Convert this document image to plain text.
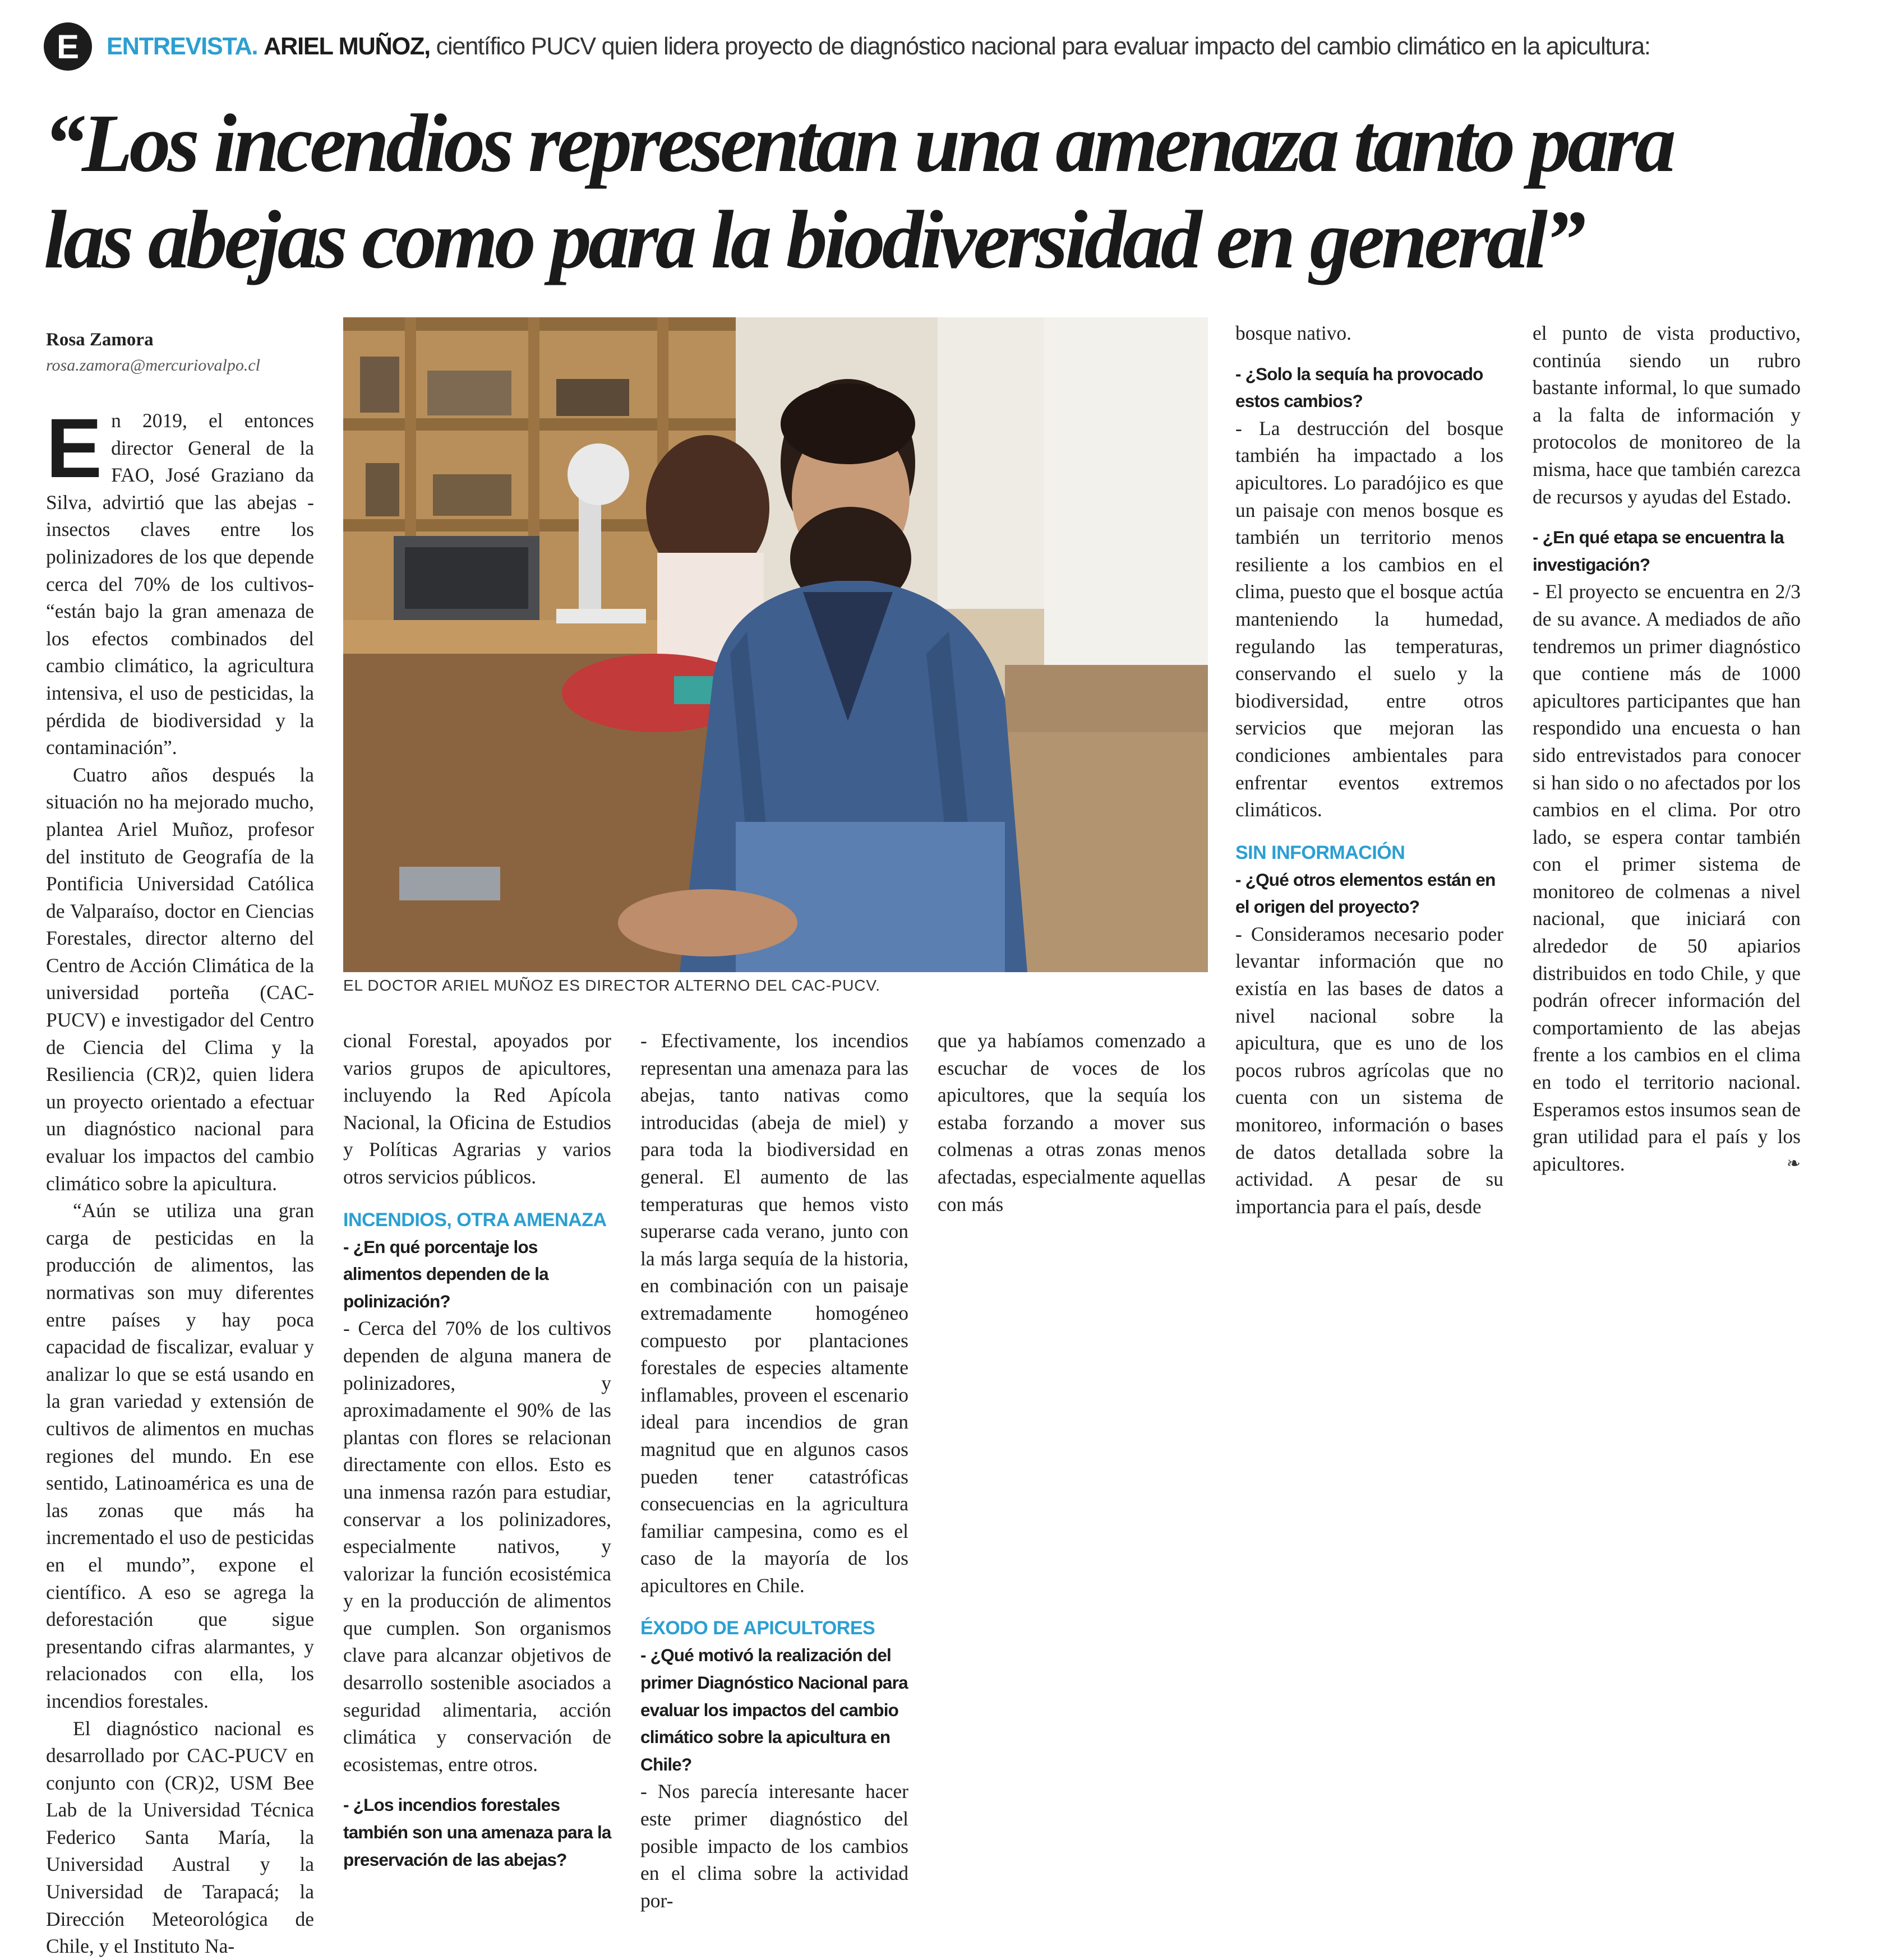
E	ENTREVISTA. ARIEL MUÑOZ, científico PUCV quien lidera proyecto de diagnóstico nacional para evaluar impacto del cambio climático en la apicultura:
“Los incendios representan una amenaza tanto para
las abejas como para la biodiversidad en general”
Rosa Zamora
rosa.zamora@mercuriovalpo.cl
EL DOCTOR ARIEL MUÑOZ ES DIRECTOR ALTERNO DEL CAC-PUCV.

En 2019, el entonces director General de la FAO, José Graziano da Silva, advirtió que las abejas -insectos claves entre los polinizadores de los que depende cerca del 70% de los cultivos- “están bajo la gran amenaza de los efectos combinados del cambio climático, la agricultura intensiva, el uso de pesticidas, la pérdida de biodiversidad y la contaminación”.

Cuatro años después la situación no ha mejorado mucho, plantea Ariel Muñoz, profesor del instituto de Geografía de la Pontificia Universidad Católica de Valparaíso, doctor en Ciencias Forestales, director alterno del Centro de Acción Climática de la universidad porteña (CAC-PUCV) e investigador del Centro de Ciencia del Clima y la Resiliencia (CR)2, quien lidera un proyecto orientado a efectuar un diagnóstico nacional para evaluar los impactos del cambio climático sobre la apicultura.

“Aún se utiliza una gran carga de pesticidas en la producción de alimentos, las normativas son muy diferentes entre países y hay poca capacidad de fiscalizar, evaluar y analizar lo que se está usando en la gran variedad y extensión de cultivos de alimentos en muchas regiones del mundo. En ese sentido, Latinoamérica es una de las zonas que más ha incrementado el uso de pesticidas en el mundo”, expone el científico. A eso se agrega la deforestación que sigue presentando cifras alarmantes, y relacionados con ella, los incendios forestales.

El diagnóstico nacional es desarrollado por CAC-PUCV en conjunto con (CR)2, USM Bee Lab de la Universidad Técnica Federico Santa María, la Universidad Austral y la Universidad de Tarapacá; la Dirección Meteorológica de Chile, y el Instituto Na-

cional Forestal, apoyados por varios grupos de apicultores, incluyendo la Red Apícola Nacional, la Oficina de Estudios y Políticas Agrarias y varios otros servicios públicos.

INCENDIOS, OTRA AMENAZA

- ¿En qué porcentaje los alimentos dependen de la polinización?

- Cerca del 70% de los cultivos dependen de alguna manera de polinizadores, y aproximadamente el 90% de las plantas con flores se relacionan directamente con ellos. Esto es una inmensa razón para estudiar, conservar a los polinizadores, especialmente nativos, y valorizar la función ecosistémica y en la producción de alimentos que cumplen. Son organismos clave para alcanzar objetivos de desarrollo sostenible asociados a seguridad alimentaria, acción climática y conservación de ecosistemas, entre otros.

- ¿Los incendios forestales también son una amenaza para la preservación de las abejas?

- Efectivamente, los incendios representan una amenaza para las abejas, tanto nativas como introducidas (abeja de miel) y para toda la biodiversidad en general. El aumento de las temperaturas que hemos visto superarse cada verano, junto con la más larga sequía de la historia, en combinación con un paisaje extremadamente homogéneo compuesto por plantaciones forestales de especies altamente inflamables, proveen el escenario ideal para incendios de gran magnitud que en algunos casos pueden tener catastróficas consecuencias en la agricultura familiar campesina, como es el caso de la mayoría de los apicultores en Chile.

ÉXODO DE APICULTORES

- ¿Qué motivó la realización del primer Diagnóstico Nacional para evaluar los impactos del cambio climático sobre la apicultura en Chile?

- Nos parecía interesante hacer este primer diagnóstico del posible impacto de los cambios en el clima sobre la actividad por-

que ya habíamos comenzado a escuchar de voces de los apicultores, que la sequía los estaba forzando a mover sus colmenas a otras zonas menos afectadas, especialmente aquellas con más

bosque nativo.

- ¿Solo la sequía ha provocado estos cambios?

- La destrucción del bosque también ha impactado a los apicultores. Lo paradójico es que un paisaje con menos bosque es también un territorio menos resiliente a los cambios en el clima, puesto que el bosque actúa manteniendo la humedad, regulando las temperaturas, conservando el suelo y la biodiversidad, entre otros servicios que mejoran las condiciones ambientales para enfrentar eventos extremos climáticos.

SIN INFORMACIÓN

- ¿Qué otros elementos están en el origen del proyecto?

- Consideramos necesario poder levantar información que no existía en las bases de datos a nivel nacional sobre la apicultura, que es uno de los pocos rubros agrícolas que no cuenta con un sistema de monitoreo, información o bases de datos detallada sobre la actividad. A pesar de su importancia para el país, desde

el punto de vista productivo, continúa siendo un rubro bastante informal, lo que sumado a la falta de información y protocolos de monitoreo de la misma, hace que también carezca de recursos y ayudas del Estado.

- ¿En qué etapa se encuentra la investigación?

- El proyecto se encuentra en 2/3 de su avance. A mediados de año tendremos un primer diagnóstico que contiene más de 1000 apicultores participantes que han respondido una encuesta o han sido entrevistados para conocer si han sido o no afectados por los cambios en el clima. Por otro lado, se espera contar también con el primer sistema de monitoreo de colmenas a nivel nacional, que iniciará con alrededor de 50 apiarios distribuidos en todo Chile, y que podrán ofrecer información del comportamiento de las abejas frente a los cambios en el clima en todo el territorio nacional. Esperamos estos insumos sean de gran utilidad para el país y los apicultores.	❧
